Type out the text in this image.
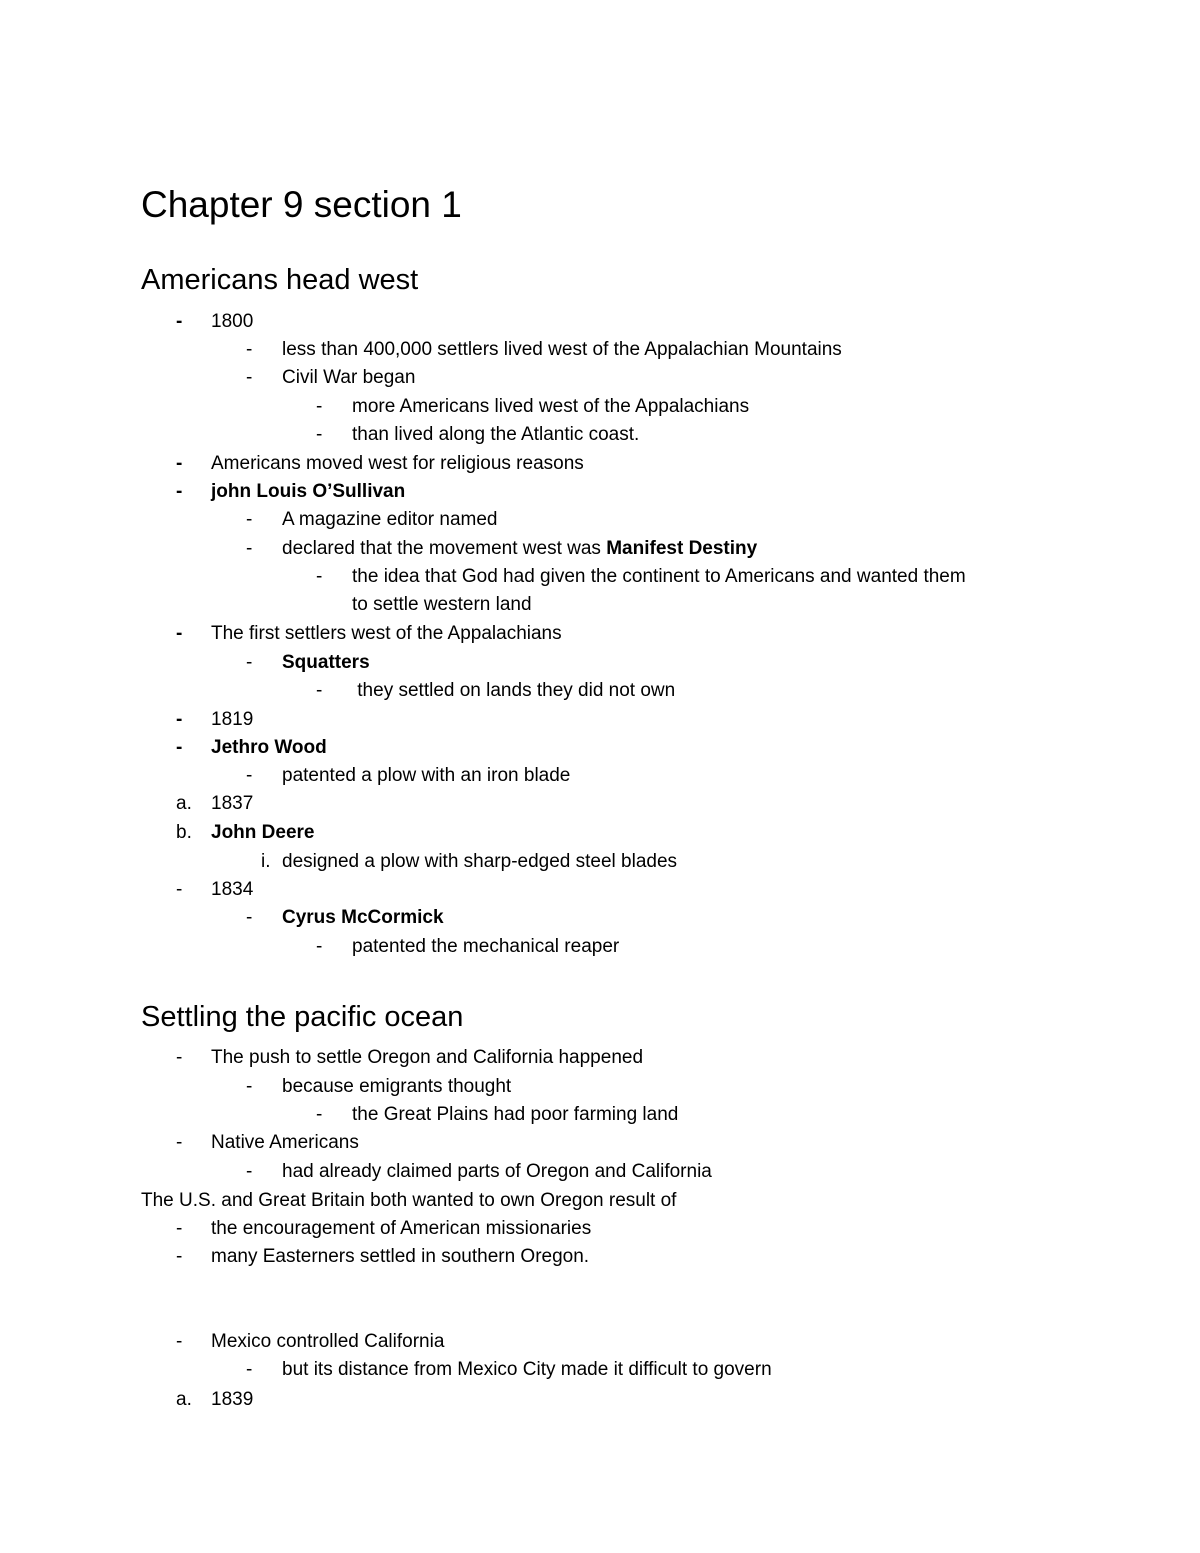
Chapter 9 section 1
Americans head west
- 1800
- less than 400,000 settlers lived west of the Appalachian Mountains
- Civil War began
- more Americans lived west of the Appalachians
- than lived along the Atlantic coast.
- Americans moved west for religious reasons
- john Louis O’Sullivan
- A magazine editor named
- declared that the movement west was Manifest Destiny
- the idea that God had given the continent to Americans and wanted them
to settle western land
- The first settlers west of the Appalachians
- Squatters
- they settled on lands they did not own
- 1819
- Jethro Wood
- patented a plow with an iron blade
a. 1837
b. John Deere
i. designed a plow with sharp-edged steel blades
- 1834
- Cyrus McCormick
- patented the mechanical reaper
Settling the pacific ocean
- The push to settle Oregon and California happened
- because emigrants thought
- the Great Plains had poor farming land
- Native Americans
- had already claimed parts of Oregon and California
The U.S. and Great Britain both wanted to own Oregon result of
- the encouragement of American missionaries
- many Easterners settled in southern Oregon.
- Mexico controlled California
- but its distance from Mexico City made it difficult to govern
a. 1839
